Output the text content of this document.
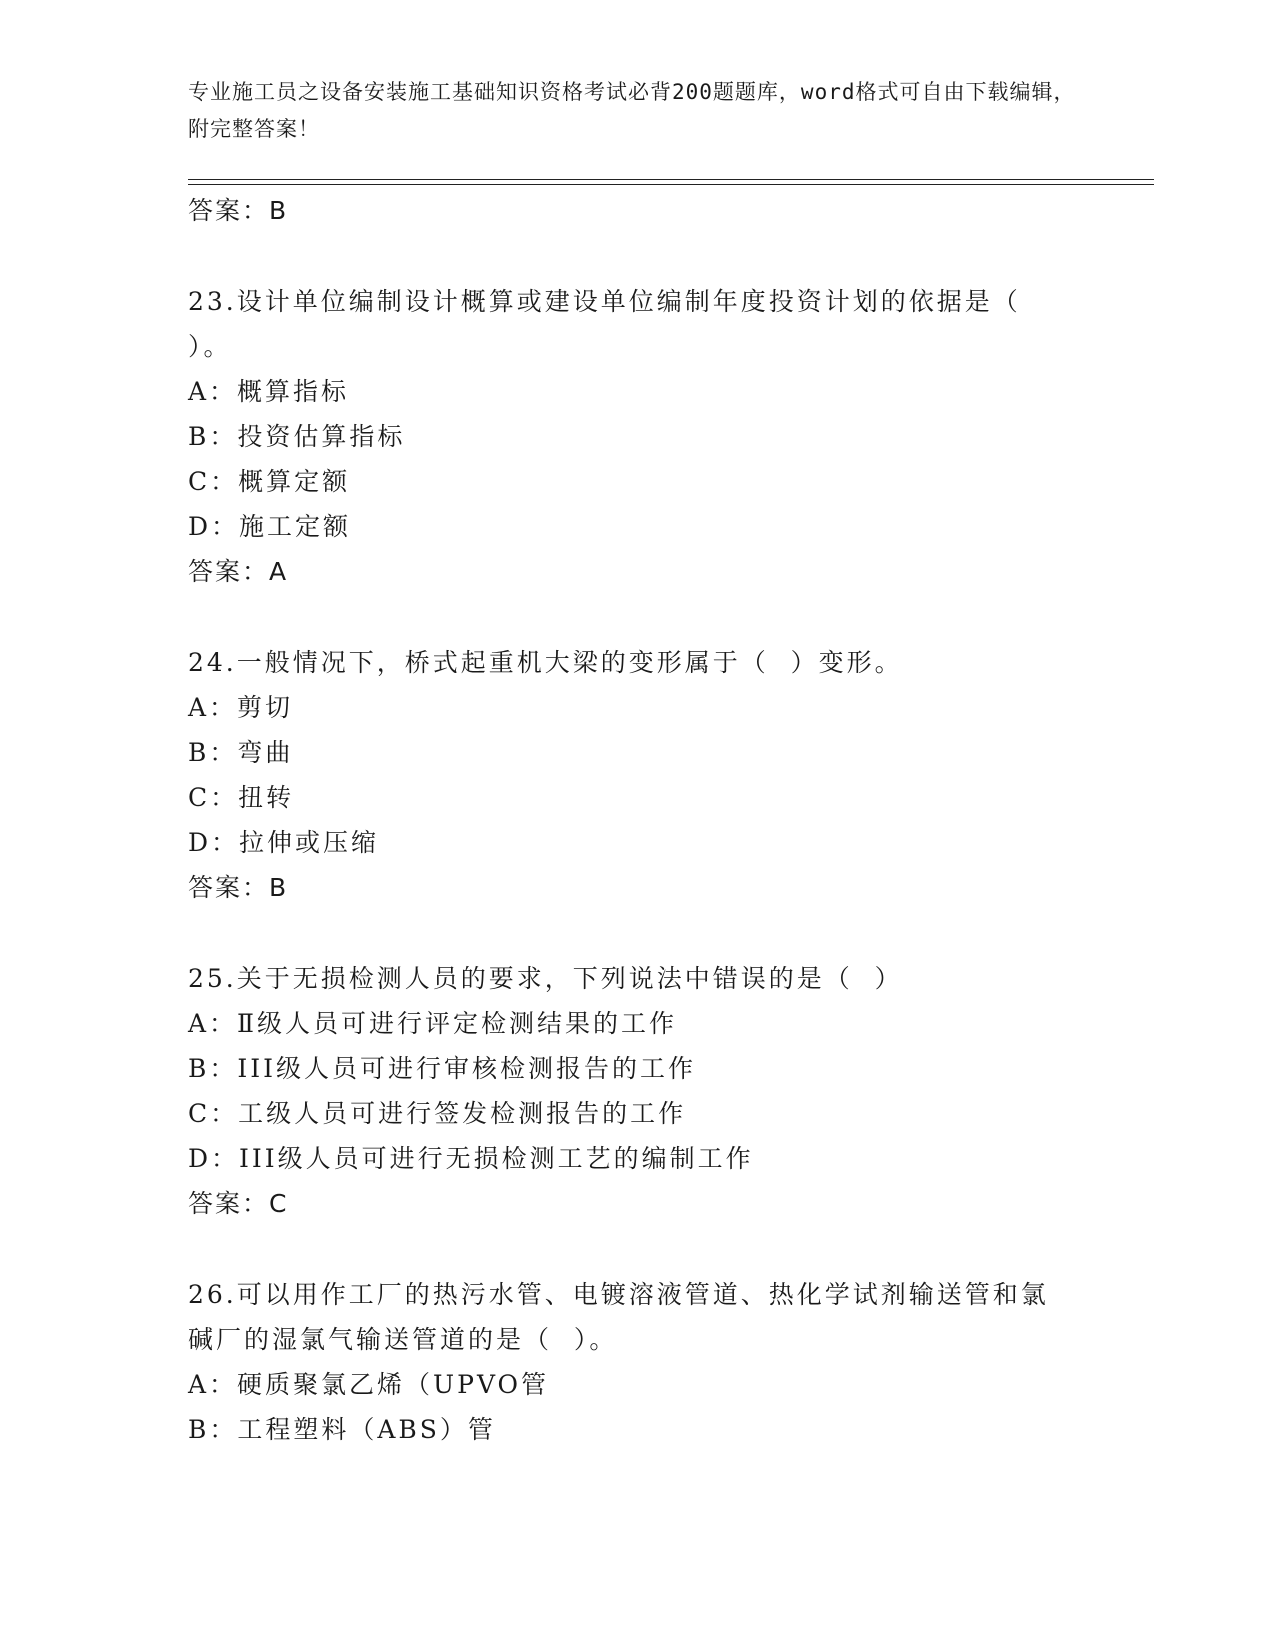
专业施工员之设备安装施工基础知识资格考试必背200题题库，word格式可自由下载编辑，附完整答案！
答案：B
23.设计单位编制设计概算或建设单位编制年度投资计划的依据是（
）。
A：概算指标
B：投资估算指标
C：概算定额
D：施工定额
答案：A
24.一般情况下，桥式起重机大梁的变形属于（  ）变形。
A：剪切
B：弯曲
C：扭转
D：拉伸或压缩
答案：B
25.关于无损检测人员的要求，下列说法中错误的是（  ）
A：Ⅱ级人员可进行评定检测结果的工作
B：III级人员可进行审核检测报告的工作
C：工级人员可进行签发检测报告的工作
D：III级人员可进行无损检测工艺的编制工作
答案：C
26.可以用作工厂的热污水管、电镀溶液管道、热化学试剂输送管和氯
碱厂的湿氯气输送管道的是（  ）。
A：硬质聚氯乙烯（UPVO管
B：工程塑料（ABS）管
